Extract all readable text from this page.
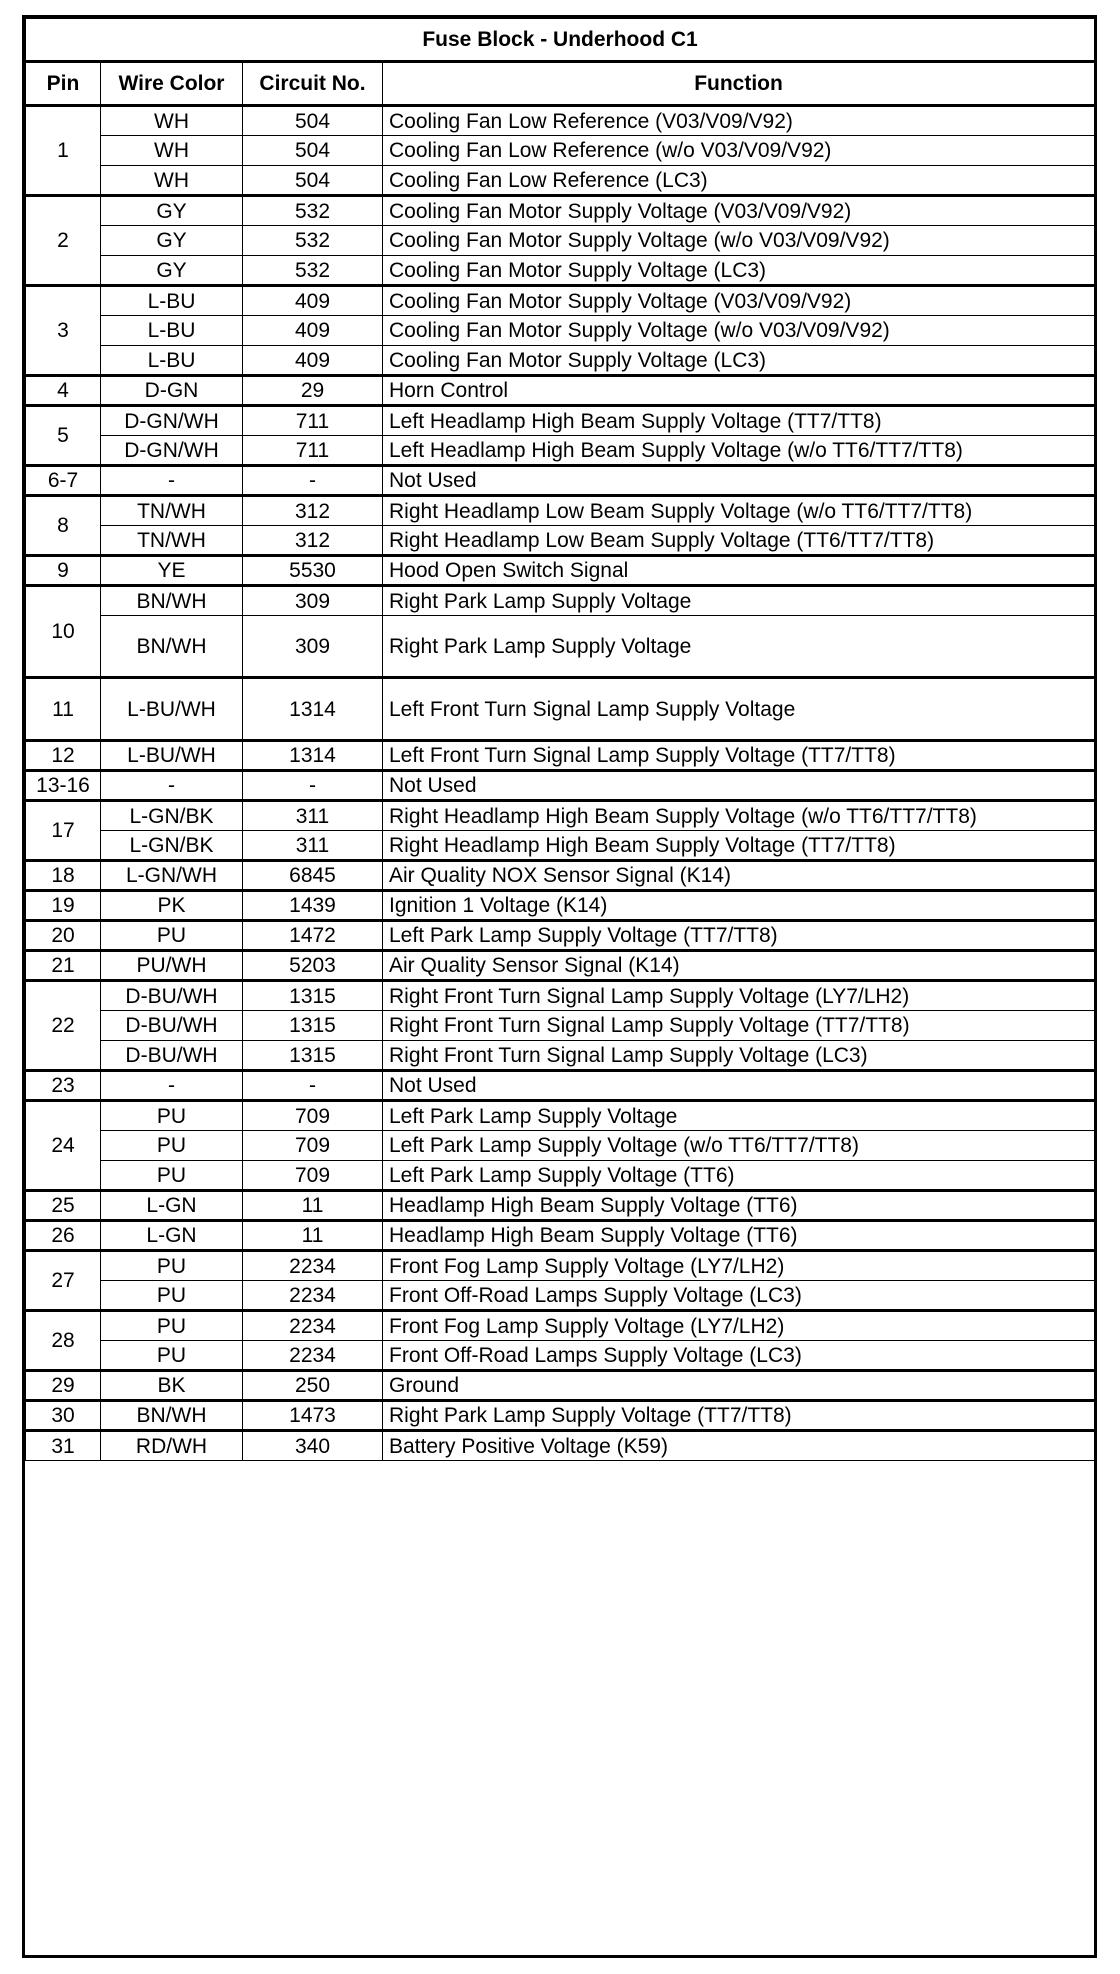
Fuse Block - Underhood C1			
Pin	Wire Color	Circuit No.	Function
1	WH	504	Cooling Fan Low Reference (V03/V09/V92)
	WH	504	Cooling Fan Low Reference (w/o V03/V09/V92)
	WH	504	Cooling Fan Low Reference (LC3)
2	GY	532	Cooling Fan Motor Supply Voltage (V03/V09/V92)
	GY	532	Cooling Fan Motor Supply Voltage (w/o V03/V09/V92)
	GY	532	Cooling Fan Motor Supply Voltage (LC3)
3	L-BU	409	Cooling Fan Motor Supply Voltage (V03/V09/V92)
	L-BU	409	Cooling Fan Motor Supply Voltage (w/o V03/V09/V92)
	L-BU	409	Cooling Fan Motor Supply Voltage (LC3)
4	D-GN	29	Horn Control
5	D-GN/WH	711	Left Headlamp High Beam Supply Voltage (TT7/TT8)
	D-GN/WH	711	Left Headlamp High Beam Supply Voltage (w/o TT6/TT7/TT8)
6-7	-	-	Not Used
8	TN/WH	312	Right Headlamp Low Beam Supply Voltage (w/o TT6/TT7/TT8)
	TN/WH	312	Right Headlamp Low Beam Supply Voltage (TT6/TT7/TT8)
9	YE	5530	Hood Open Switch Signal
10	BN/WH	309	Right Park Lamp Supply Voltage
	BN/WH	309	Right Park Lamp Supply Voltage
11	L-BU/WH	1314	Left Front Turn Signal Lamp Supply Voltage
12	L-BU/WH	1314	Left Front Turn Signal Lamp Supply Voltage (TT7/TT8)
13-16	-	-	Not Used
17	L-GN/BK	311	Right Headlamp High Beam Supply Voltage (w/o TT6/TT7/TT8)
	L-GN/BK	311	Right Headlamp High Beam Supply Voltage (TT7/TT8)
18	L-GN/WH	6845	Air Quality NOX Sensor Signal (K14)
19	PK	1439	Ignition 1 Voltage (K14)
20	PU	1472	Left Park Lamp Supply Voltage (TT7/TT8)
21	PU/WH	5203	Air Quality Sensor Signal (K14)
22	D-BU/WH	1315	Right Front Turn Signal Lamp Supply Voltage (LY7/LH2)
	D-BU/WH	1315	Right Front Turn Signal Lamp Supply Voltage (TT7/TT8)
	D-BU/WH	1315	Right Front Turn Signal Lamp Supply Voltage (LC3)
23	-	-	Not Used
24	PU	709	Left Park Lamp Supply Voltage
	PU	709	Left Park Lamp Supply Voltage (w/o TT6/TT7/TT8)
	PU	709	Left Park Lamp Supply Voltage (TT6)
25	L-GN	11	Headlamp High Beam Supply Voltage (TT6)
26	L-GN	11	Headlamp High Beam Supply Voltage (TT6)
27	PU	2234	Front Fog Lamp Supply Voltage (LY7/LH2)
	PU	2234	Front Off-Road Lamps Supply Voltage (LC3)
28	PU	2234	Front Fog Lamp Supply Voltage (LY7/LH2)
	PU	2234	Front Off-Road Lamps Supply Voltage (LC3)
29	BK	250	Ground
30	BN/WH	1473	Right Park Lamp Supply Voltage (TT7/TT8)
31	RD/WH	340	Battery Positive Voltage (K59)
